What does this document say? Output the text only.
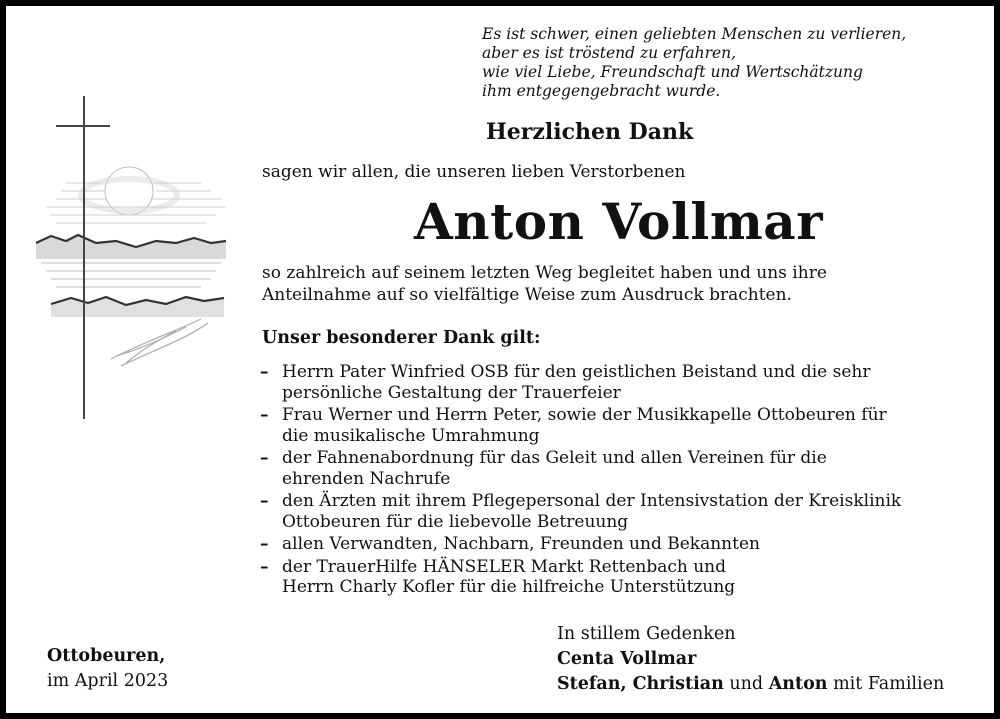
Es ist schwer, einen geliebten Menschen zu verlieren,
aber es ist tröstend zu erfahren,
wie viel Liebe, Freundschaft und Wertschätzung
ihm entgegengebracht wurde.
Herzlichen Dank
sagen wir allen, die unseren lieben Verstorbenen
Anton Vollmar
so zahlreich auf seinem letzten Weg begleitet haben und uns ihre
Anteilnahme auf so vielfältige Weise zum Ausdruck brachten.
Unser besonderer Dank gilt:
– Herrn Pater Winfried OSB für den geistlichen Beistand und die sehr
persönliche Gestaltung der Trauerfeier
– Frau Werner und Herrn Peter, sowie der Musikkapelle Ottobeuren für
die musikalische Umrahmung
– der Fahnenabordnung für das Geleit und allen Vereinen für die
ehrenden Nachrufe
– den Ärzten mit ihrem Pflegepersonal der Intensivstation der Kreisklinik
Ottobeuren für die liebevolle Betreuung
– allen Verwandten, Nachbarn, Freunden und Bekannten
– der TrauerHilfe HÄNSELER Markt Rettenbach und
Herrn Charly Kofler für die hilfreiche Unterstützung
Ottobeuren,
im April 2023
In stillem Gedenken
Centa Vollmar
Stefan, Christian und Anton mit Familien
